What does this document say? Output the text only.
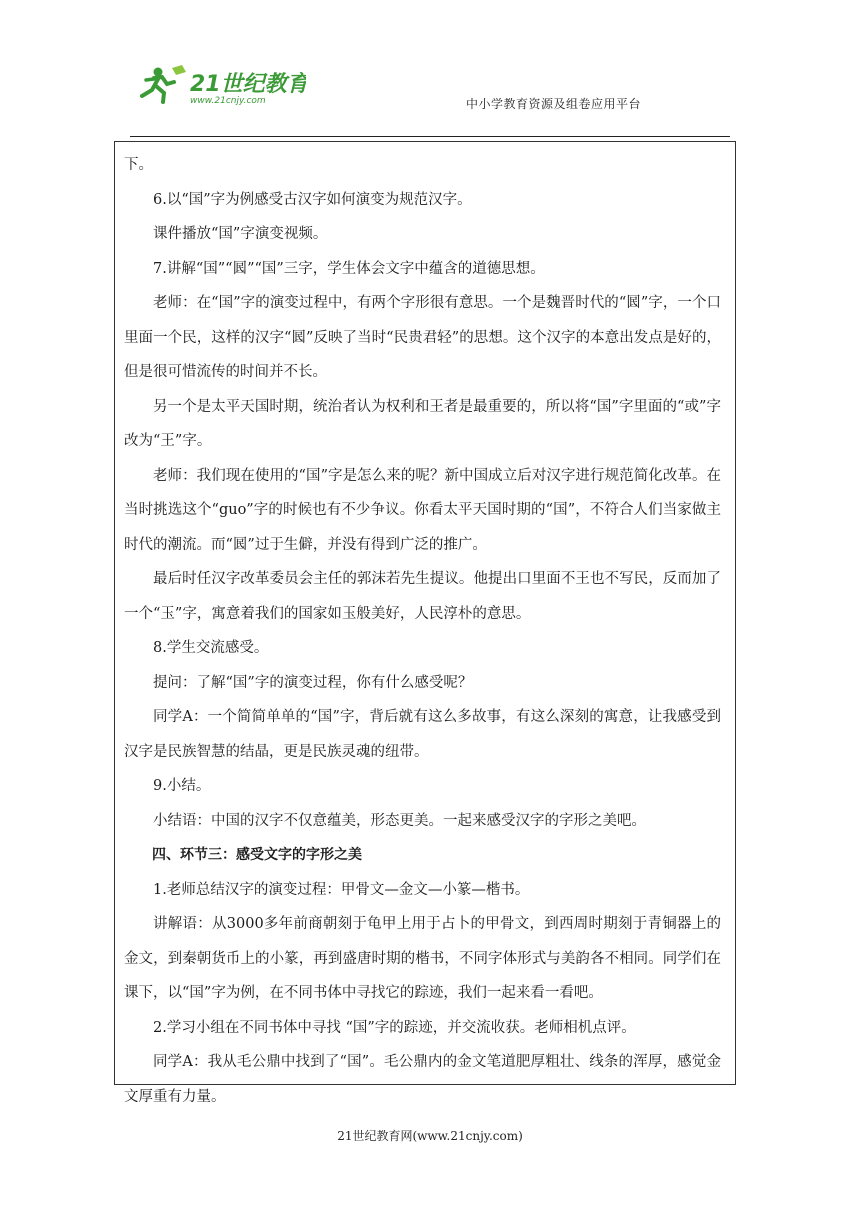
21世纪教育
www.21cnjy.com	中小学教育资源及组卷应用平台

下。

6.以“国”字为例感受古汉字如何演变为规范汉字。

课件播放“国”字演变视频。

7.讲解“国”“囻”“国”三字，学生体会文字中蕴含的道德思想。

老师：在“国”字的演变过程中，有两个字形很有意思。一个是魏晋时代的“囻”字，一个口里面一个民，这样的汉字“囻”反映了当时“民贵君轻”的思想。这个汉字的本意出发点是好的，但是很可惜流传的时间并不长。

另一个是太平天国时期，统治者认为权利和王者是最重要的，所以将“国”字里面的“或”字改为“王”字。

老师：我们现在使用的“国”字是怎么来的呢？新中国成立后对汉字进行规范简化改革。在当时挑选这个“guo”字的时候也有不少争议。你看太平天国时期的“国”，不符合人们当家做主时代的潮流。而“囻”过于生僻，并没有得到广泛的推广。

最后时任汉字改革委员会主任的郭沫若先生提议。他提出口里面不王也不写民，反而加了一个“玉”字，寓意着我们的国家如玉般美好，人民淳朴的意思。

8.学生交流感受。

提问：了解“国”字的演变过程，你有什么感受呢？

同学A：一个简简单单的“国”字，背后就有这么多故事，有这么深刻的寓意，让我感受到汉字是民族智慧的结晶，更是民族灵魂的纽带。

9.小结。

小结语：中国的汉字不仅意蕴美，形态更美。一起来感受汉字的字形之美吧。

四、环节三：感受文字的字形之美

1.老师总结汉字的演变过程：甲骨文—金文—小篆—楷书。

讲解语：从3000多年前商朝刻于龟甲上用于占卜的甲骨文，到西周时期刻于青铜器上的金文，到秦朝货币上的小篆，再到盛唐时期的楷书，不同字体形式与美韵各不相同。同学们在课下，以“国”字为例，在不同书体中寻找它的踪迹，我们一起来看一看吧。

2.学习小组在不同书体中寻找 “国”字的踪迹，并交流收获。老师相机点评。

同学A：我从毛公鼎中找到了“国”。毛公鼎内的金文笔道肥厚粗壮、线条的浑厚，感觉金文厚重有力量。

21世纪教育网(www.21cnjy.com)
